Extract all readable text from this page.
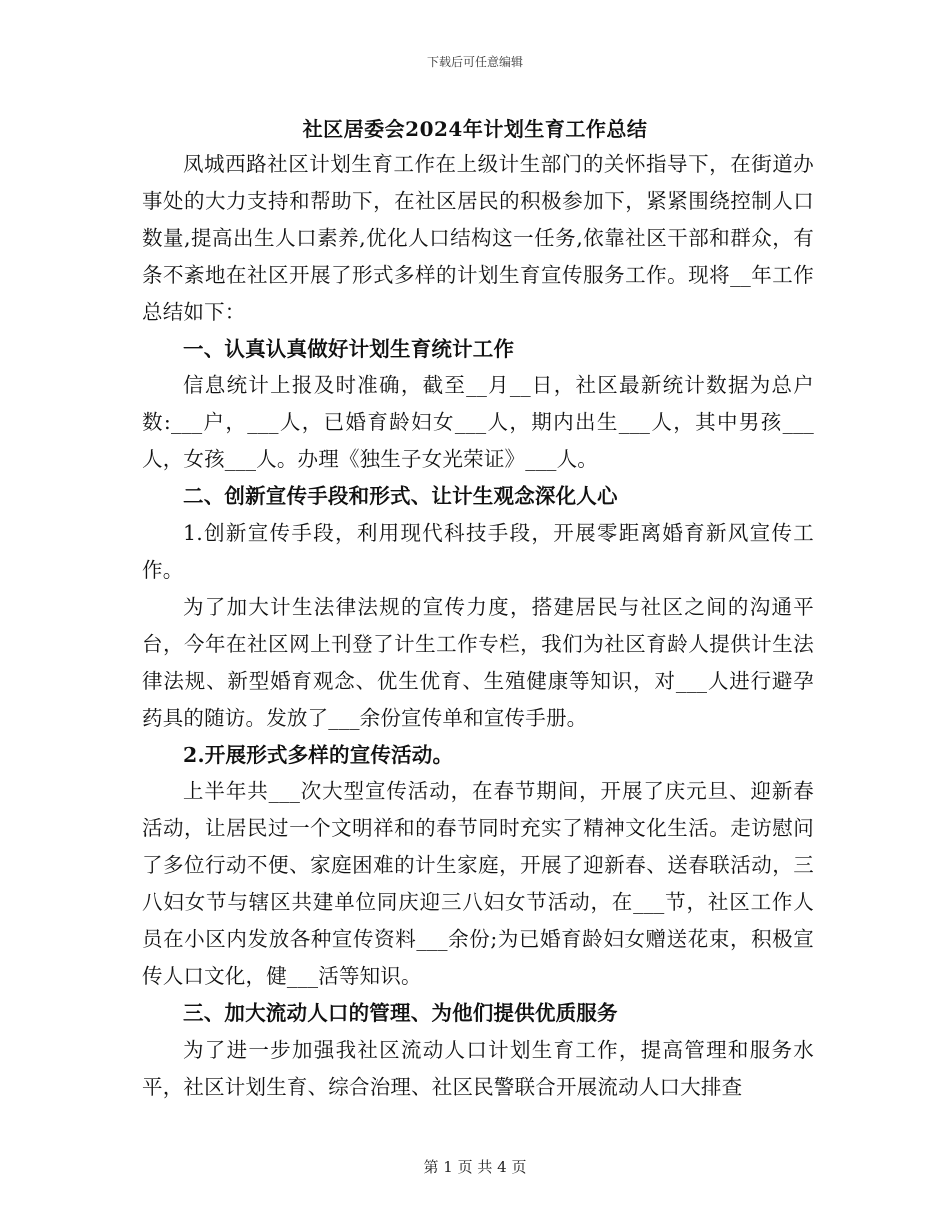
下载后可任意编辑
社区居委会2024年计划生育工作总结

凤城西路社区计划生育工作在上级计生部门的关怀指导下，在街道办事处的大力支持和帮助下，在社区居民的积极参加下，紧紧围绕控制人口数量,提高出生人口素养,优化人口结构这一任务,依靠社区干部和群众，有条不紊地在社区开展了形式多样的计划生育宣传服务工作。现将__年工作总结如下：

一、认真认真做好计划生育统计工作

信息统计上报及时准确，截至__月__日，社区最新统计数据为总户数:___户，___人，已婚育龄妇女___人，期内出生___人，其中男孩___人，女孩___人。办理《独生子女光荣证》___人。

二、创新宣传手段和形式、让计生观念深化人心

1.创新宣传手段，利用现代科技手段，开展零距离婚育新风宣传工作。

为了加大计生法律法规的宣传力度，搭建居民与社区之间的沟通平台，今年在社区网上刊登了计生工作专栏，我们为社区育龄人提供计生法律法规、新型婚育观念、优生优育、生殖健康等知识，对___人进行避孕药具的随访。发放了___余份宣传单和宣传手册。

2.开展形式多样的宣传活动。

上半年共___次大型宣传活动，在春节期间，开展了庆元旦、迎新春活动，让居民过一个文明祥和的春节同时充实了精神文化生活。走访慰问了多位行动不便、家庭困难的计生家庭，开展了迎新春、送春联活动，三八妇女节与辖区共建单位同庆迎三八妇女节活动，在___节，社区工作人员在小区内发放各种宣传资料___余份;为已婚育龄妇女赠送花束，积极宣传人口文化，健___活等知识。

三、加大流动人口的管理、为他们提供优质服务

为了进一步加强我社区流动人口计划生育工作，提高管理和服务水平，社区计划生育、综合治理、社区民警联合开展流动人口大排查

第 1 页 共 4 页
